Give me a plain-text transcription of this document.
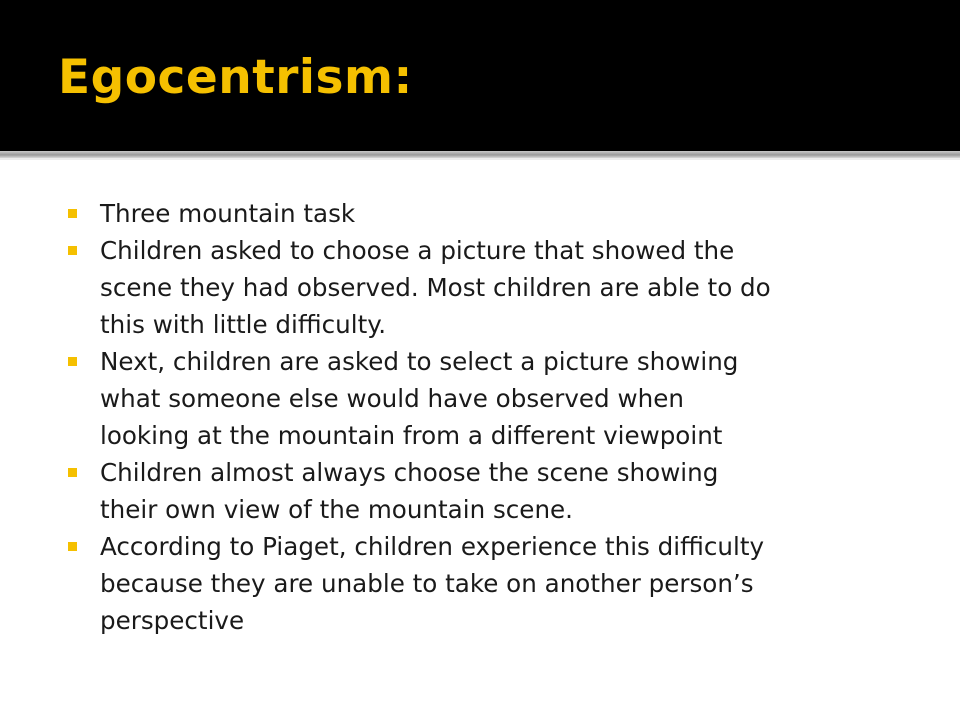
Egocentrism:
Three mountain task
Children asked to choose a picture that showed the
scene they had observed. Most children are able to do
this with little difficulty.
Next, children are asked to select a picture showing
what someone else would have observed when
looking at the mountain from a different viewpoint
Children almost always choose the scene showing
their own view of the mountain scene.
According to Piaget, children experience this difficulty
because they are unable to take on another person’s
perspective
